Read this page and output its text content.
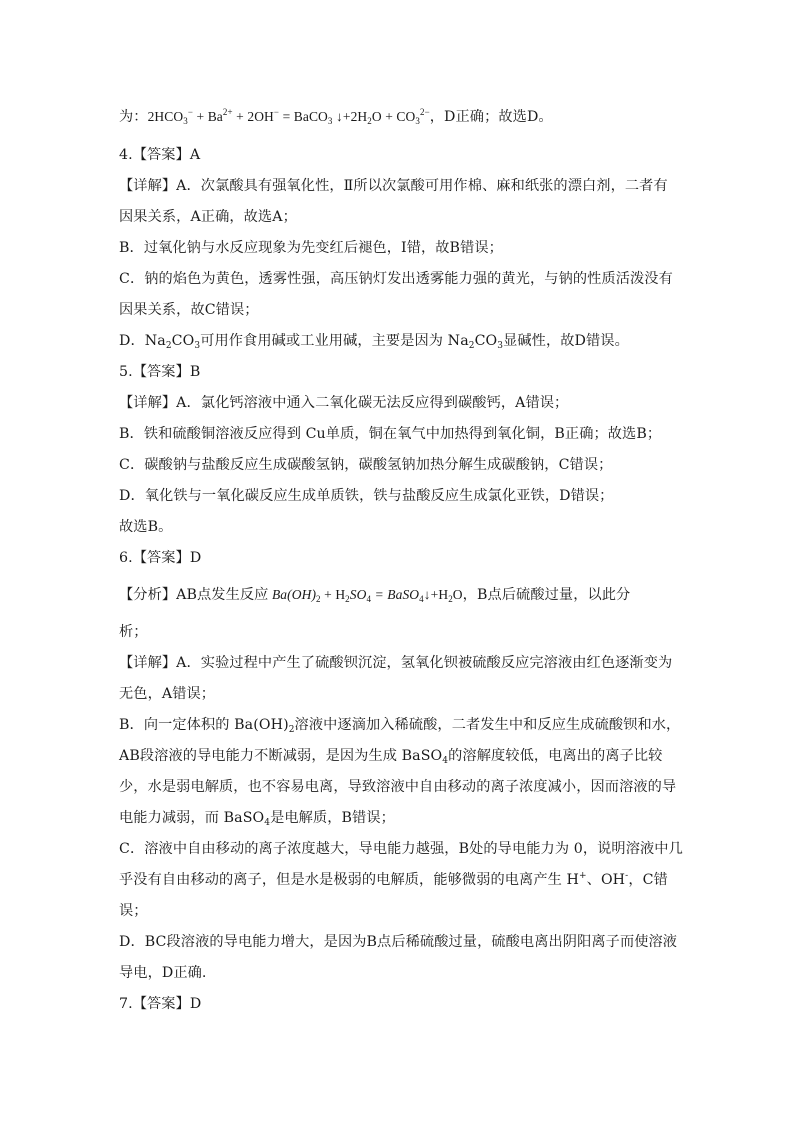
为：$2HCO_3^- + Ba^{2+} + 2OH^-$ = BaCO$_3$ $↓+2H_2O + CO_3^{2-}$，D正确；故选D。
4.【答案】A
【详解】A．次氯酸具有强氧化性，Ⅱ所以次氯酸可用作棉、麻和纸张的漂白剂，二者有
因果关系，A正确，故选A；
B．过氧化钠与水反应现象为先变红后褪色，Ⅰ错，故B错误；
C．钠的焰色为黄色，透雾性强，高压钠灯发出透雾能力强的黄光，与钠的性质活泼没有
因果关系，故C错误；
D．$Na_2CO_3$可用作食用碱或工业用碱，主要是因为 $Na_2CO_3$显碱性，故D错误。
5.【答案】B
【详解】A．氯化钙溶液中通入二氧化碳无法反应得到碳酸钙，A错误；
B．铁和硫酸铜溶液反应得到 Cu单质，铜在氧气中加热得到氧化铜，B正确；故选B；
C．碳酸钠与盐酸反应生成碳酸氢钠，碳酸氢钠加热分解生成碳酸钠，C错误；
D．氧化铁与一氧化碳反应生成单质铁，铁与盐酸反应生成氯化亚铁，D错误；
故选B。
6.【答案】D
【分析】AB点发生反应 $Ba(OH)_2 + H_2SO_4$ = $BaSO_4↓+H_2O$，B点后硫酸过量，以此分
析；
【详解】A．实验过程中产生了硫酸钡沉淀，氢氧化钡被硫酸反应完溶液由红色逐渐变为
无色，A错误；
B．向一定体积的 $Ba(OH)_2$溶液中逐滴加入稀硫酸，二者发生中和反应生成硫酸钡和水，
AB段溶液的导电能力不断减弱，是因为生成 BaSO$_4$的溶解度较低，电离出的离子比较
少，水是弱电解质，也不容易电离，导致溶液中自由移动的离子浓度减小，因而溶液的导
电能力减弱，而 BaSO$_4$是电解质，B错误；
C．溶液中自由移动的离子浓度越大，导电能力越强，B处的导电能力为 0，说明溶液中几
乎没有自由移动的离子，但是水是极弱的电解质，能够微弱的电离产生 H+、OH-，C错
误；
D．BC段溶液的导电能力增大，是因为B点后稀硫酸过量，硫酸电离出阴阳离子而使溶液
导电，D正确.
7.【答案】D
